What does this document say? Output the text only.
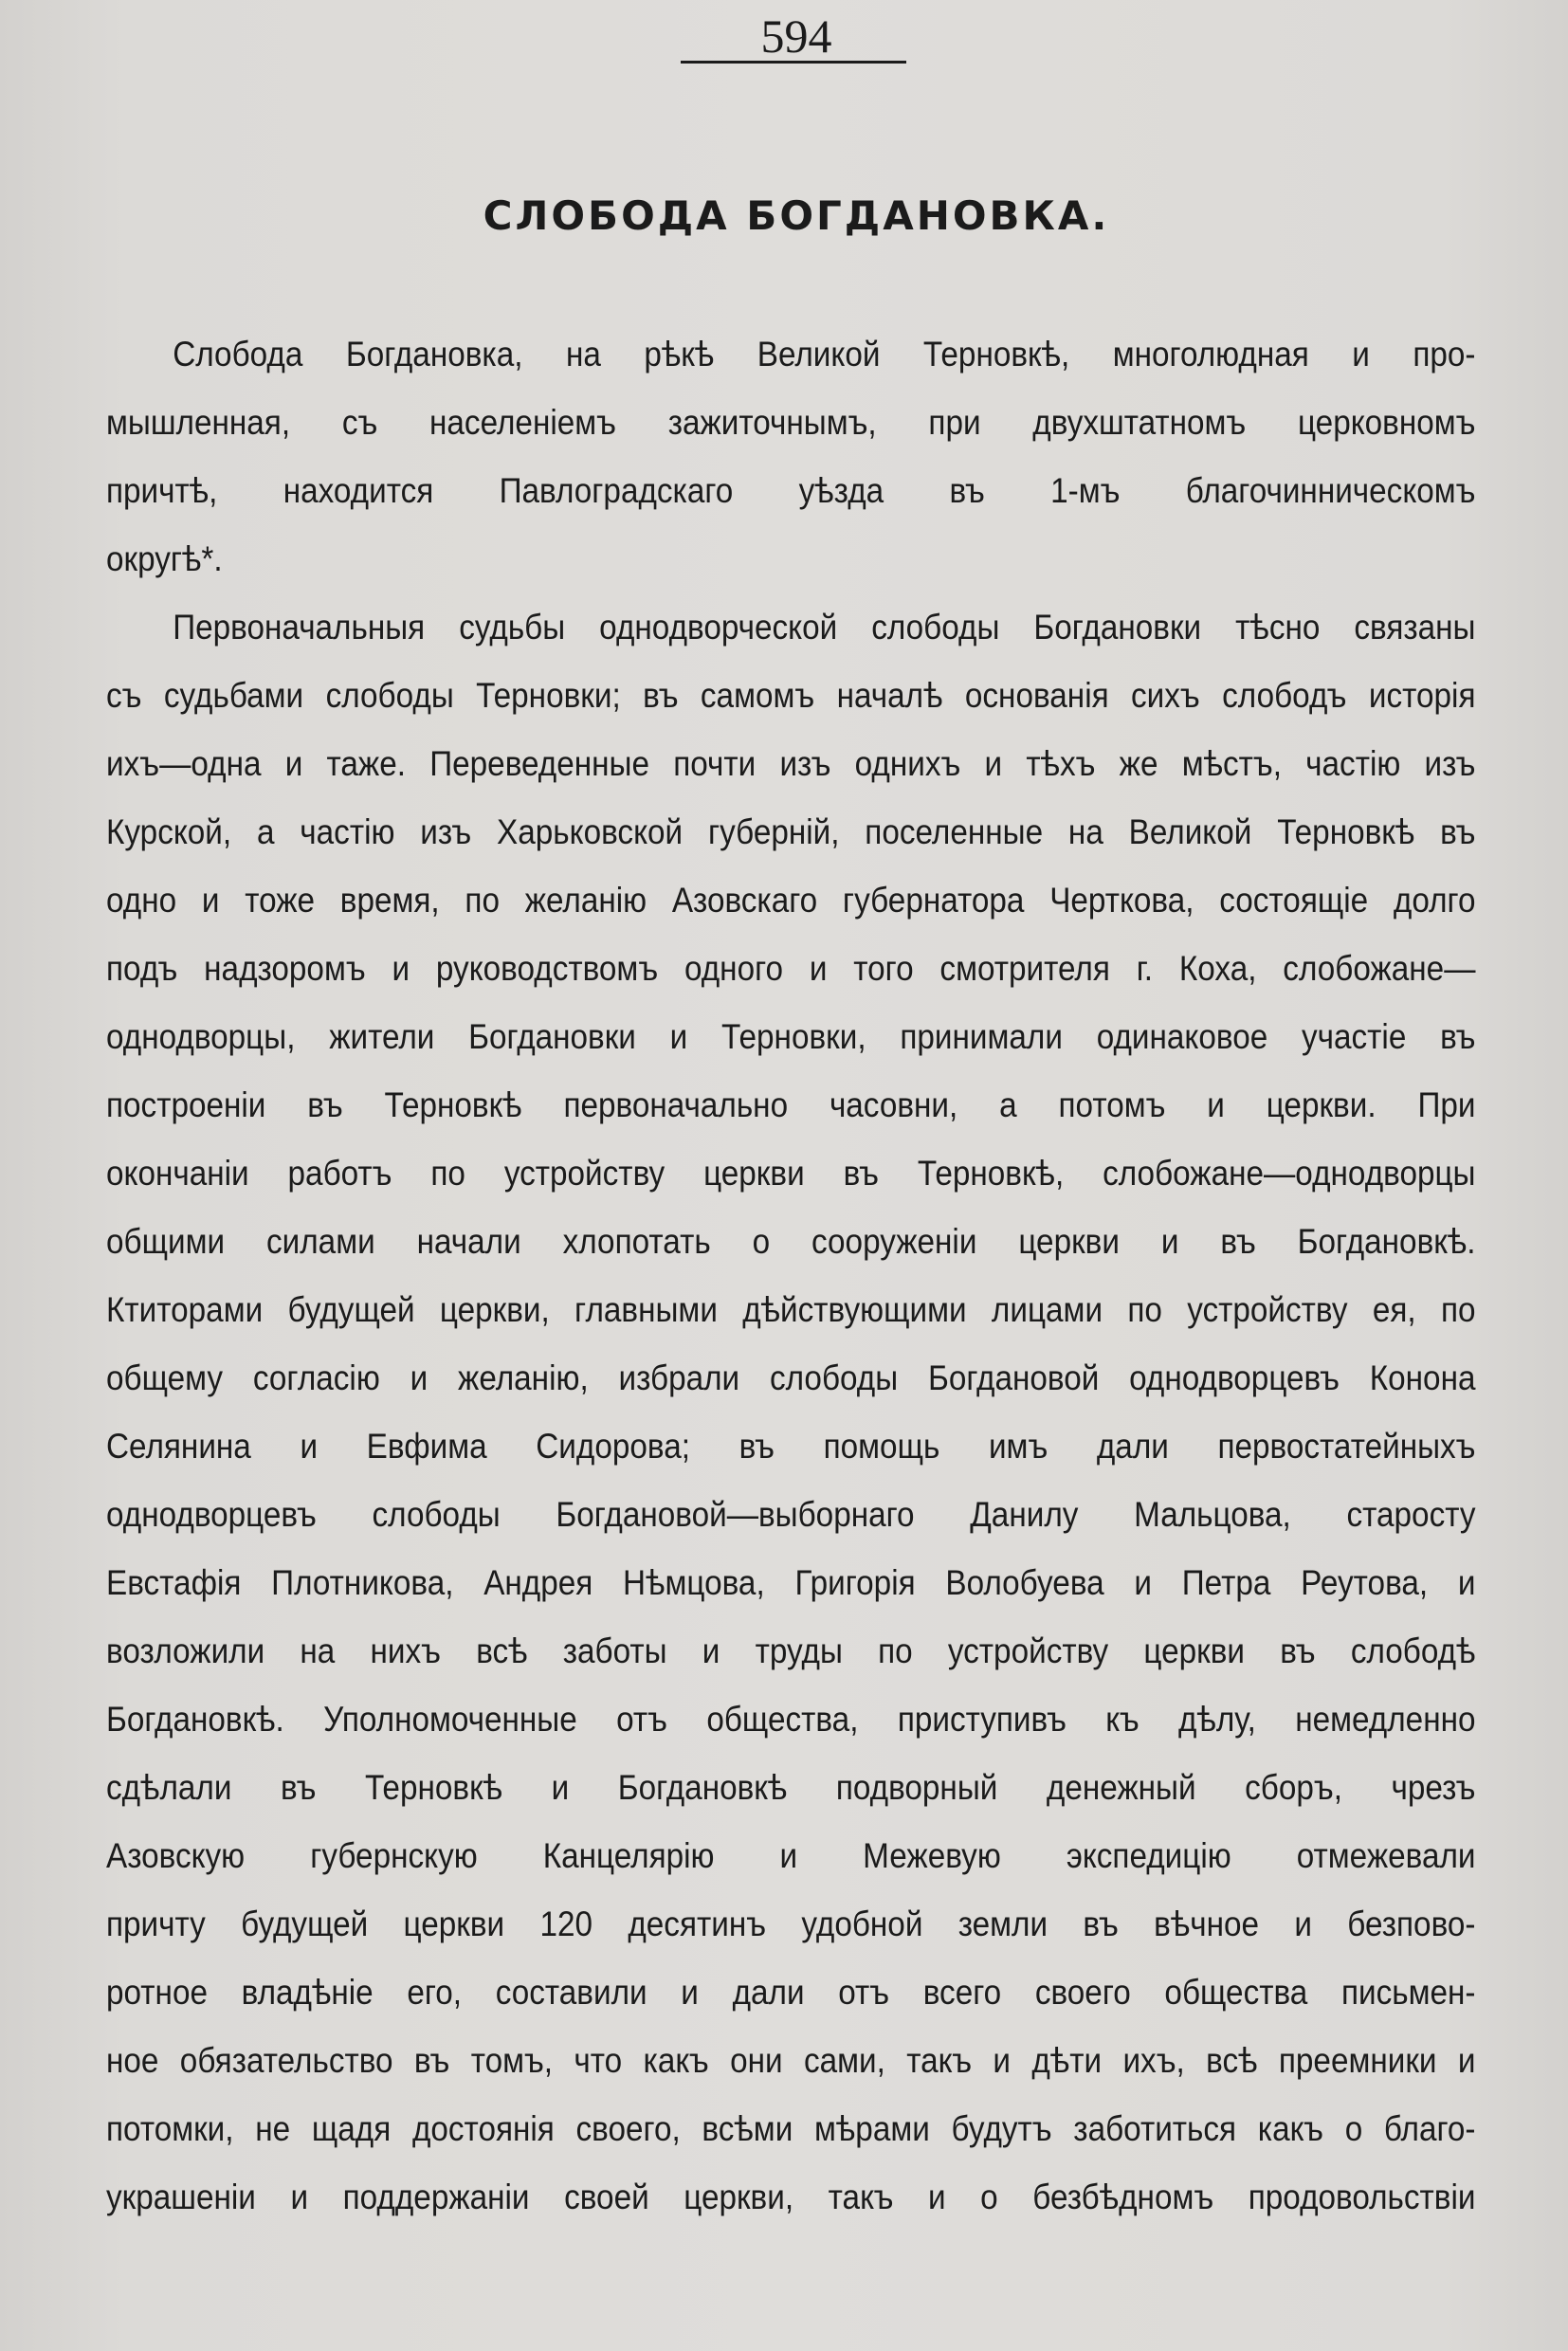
594
СЛОБОДА БОГДАНОВКА.
Слобода Богдановка, на рѣкѣ Великой Терновкѣ, многолюдная и про-
мышленная, съ населеніемъ зажиточнымъ, при двухштатномъ церковномъ
причтѣ, находится Павлоградскаго уѣзда въ 1-мъ благочинническомъ
округѣ*.
Первоначальныя судьбы однодворческой слободы Богдановки тѣсно связаны
съ судьбами слободы Терновки; въ самомъ началѣ основанія сихъ слободъ исторія
ихъ—одна и таже. Переведенные почти изъ однихъ и тѣхъ же мѣстъ, частію изъ
Курской, а частію изъ Харьковской губерній, поселенные на Великой Терновкѣ въ
одно и тоже время, по желанію Азовскаго губернатора Черткова, состоящіе долго
подъ надзоромъ и руководствомъ одного и того смотрителя г. Коха, слобожане—
однодворцы, жители Богдановки и Терновки, принимали одинаковое участіе въ
построеніи въ Терновкѣ первоначально часовни, а потомъ и церкви. При
окончаніи работъ по устройству церкви въ Терновкѣ, слобожане—однодворцы
общими силами начали хлопотать о сооруженіи церкви и въ Богдановкѣ.
Ктиторами будущей церкви, главными дѣйствующими лицами по устройству ея, по
общему согласію и желанію, избрали слободы Богдановой однодворцевъ Конона
Селянина и Евфима Сидорова; въ помощь имъ дали первостатейныхъ
однодворцевъ слободы Богдановой—выборнаго Данилу Мальцова, старосту
Евстафія Плотникова, Андрея Нѣмцова, Григорія Волобуева и Петра Реутова, и
возложили на нихъ всѣ заботы и труды по устройству церкви въ слободѣ
Богдановкѣ. Уполномоченные отъ общества, приступивъ къ дѣлу, немедленно
сдѣлали въ Терновкѣ и Богдановкѣ подворный денежный сборъ, чрезъ
Азовскую губернскую Канцелярію и Межевую экспедицію отмежевали
причту будущей церкви 120 десятинъ удобной земли въ вѣчное и безпово-
ротное владѣніе его, составили и дали отъ всего своего общества письмен-
ное обязательство въ томъ, что какъ они сами, такъ и дѣти ихъ, всѣ преемники и
потомки, не щадя достоянія своего, всѣми мѣрами будутъ заботиться какъ о благо-
украшеніи и поддержаніи своей церкви, такъ и о безбѣдномъ продовольствіи
